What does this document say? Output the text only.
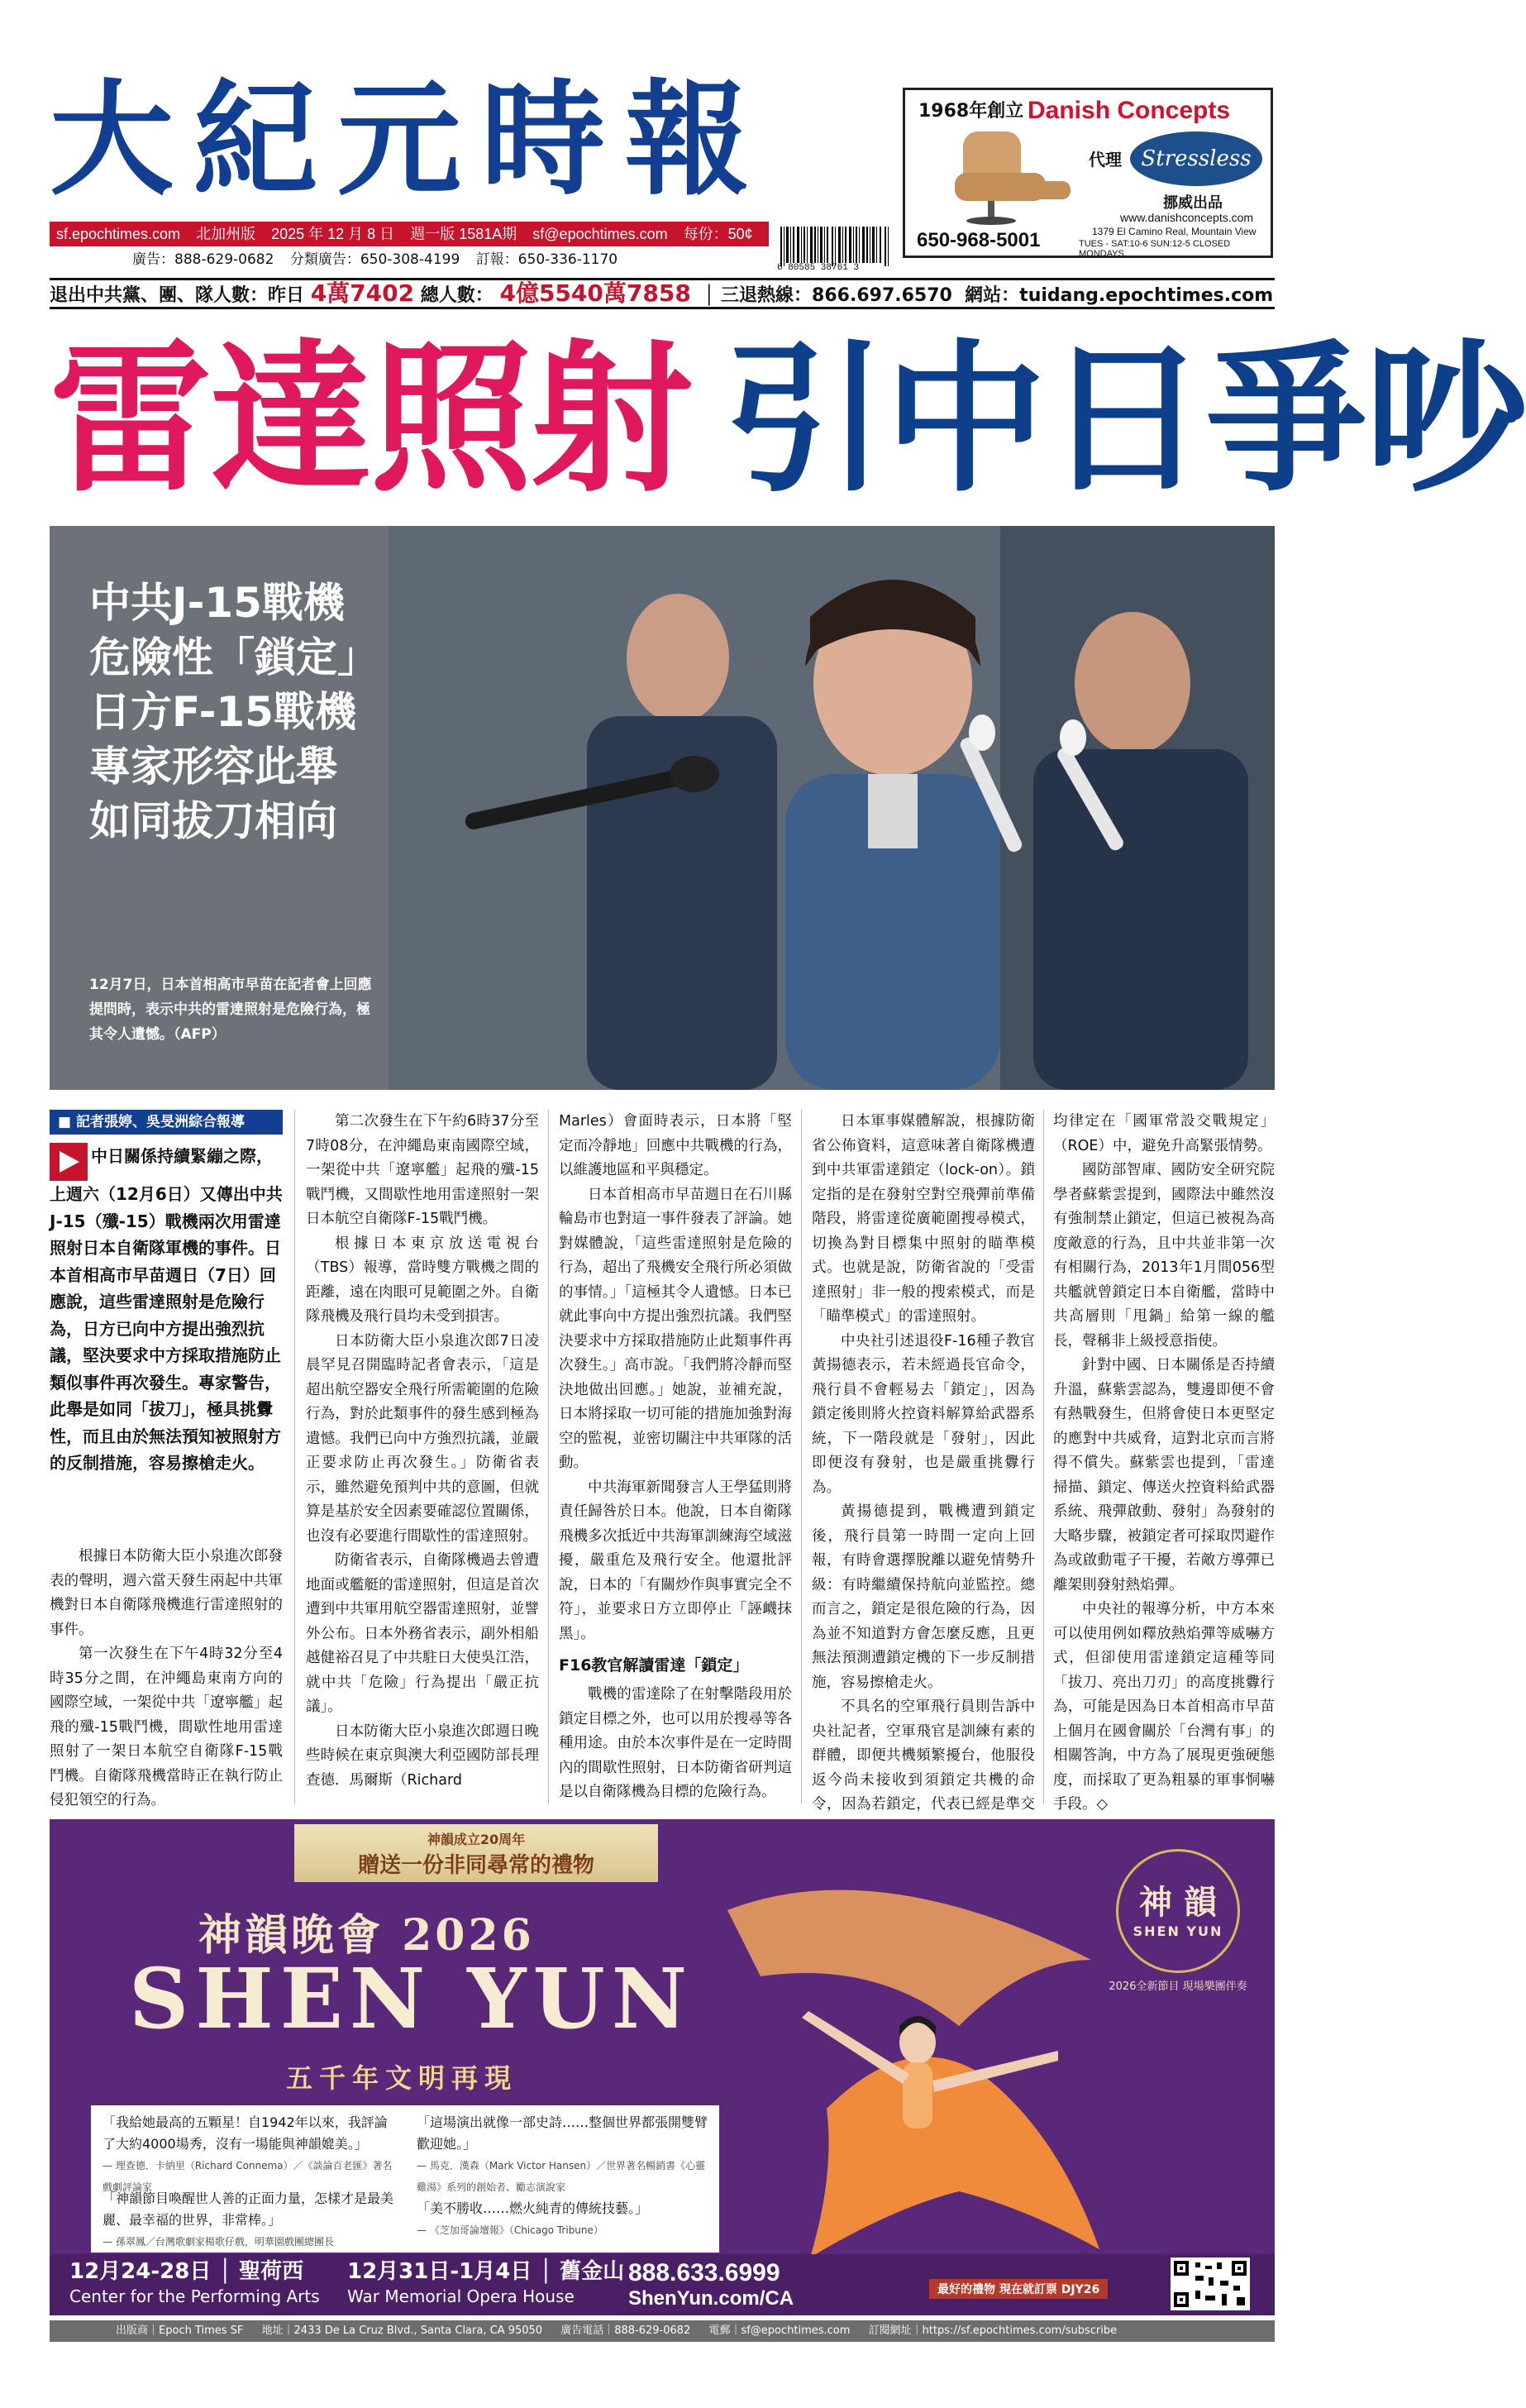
大紀元時報	1968年創立 Danish Concepts
代理 Stressless
挪威出品
www.danishconcepts.com
1379 El Camino Real, Mountain View
TUES - SAT:10-6 SUN:12-5 CLOSED MONDAYS
650-968-5001
sf.epochtimes.com 北加州版 2025 年 12 月 8 日 週一版 1581A期 sf@epochtimes.com 每份：50¢
廣告：888-629-0682 分類廣告：650-308-4199 訂報：650-336-1170	6 80585 38761 3
退出中共黨、團、隊人數：昨日 4萬7402 總人數： 4億5540萬7858  │ 三退熱線：866.697.6570 網站：tuidang.epochtimes.com
雷達照射 引中日爭吵
中共J-15戰機
危險性「鎖定」
日方F-15戰機
專家形容此舉
如同拔刀相向
12月7日，日本首相高市早苗在記者會上回應提問時，表示中共的雷達照射是危險行為，極其令人遺憾。（AFP）
■ 記者張婷、吳旻洲綜合報導
中日關係持續緊繃之際，上週六（12月6日）又傳出中共J-15（殲-15）戰機兩次用雷達照射日本自衛隊軍機的事件。日本首相高市早苗週日（7日）回應說，這些雷達照射是危險行為，日方已向中方提出強烈抗議，堅決要求中方採取措施防止類似事件再次發生。專家警告，此舉是如同「拔刀」，極具挑釁性，而且由於無法預知被照射方的反制措施，容易擦槍走火。

根據日本防衛大臣小泉進次郎發表的聲明，週六當天發生兩起中共軍機對日本自衛隊飛機進行雷達照射的事件。

第一次發生在下午4時32分至4時35分之間，在沖繩島東南方向的國際空域，一架從中共「遼寧艦」起飛的殲-15戰鬥機，間歇性地用雷達照射了一架日本航空自衛隊F-15戰鬥機。自衛隊飛機當時正在執行防止侵犯領空的行為。

第二次發生在下午約6時37分至7時08分，在沖繩島東南國際空域，一架從中共「遼寧艦」起飛的殲-15戰鬥機，又間歇性地用雷達照射一架日本航空自衛隊F-15戰鬥機。

根據日本東京放送電視台（TBS）報導，當時雙方戰機之間的距離，遠在肉眼可見範圍之外。自衛隊飛機及飛行員均未受到損害。

日本防衛大臣小泉進次郎7日凌晨罕見召開臨時記者會表示，「這是超出航空器安全飛行所需範圍的危險行為，對於此類事件的發生感到極為遺憾。我們已向中方強烈抗議，並嚴正要求防止再次發生。」防衛省表示，雖然避免預判中共的意圖，但就算是基於安全因素要確認位置關係，也沒有必要進行間歇性的雷達照射。

防衛省表示，自衛隊機過去曾遭地面或艦艇的雷達照射，但這是首次遭到中共軍用航空器雷達照射，並譬外公布。日本外務省表示，副外相船越健裕召見了中共駐日大使吳江浩，就中共「危險」行為提出「嚴正抗議」。

日本防衛大臣小泉進次郎週日晚些時候在東京與澳大利亞國防部長理查德．馬爾斯（Richard

Marles）會面時表示，日本將「堅定而冷靜地」回應中共戰機的行為，以維護地區和平與穩定。

日本首相高市早苗週日在石川縣輪島市也對這一事件發表了評論。她對媒體說，「這些雷達照射是危險的行為，超出了飛機安全飛行所必須做的事情。」「這極其令人遺憾。日本已就此事向中方提出強烈抗議。我們堅決要求中方採取措施防止此類事件再次發生。」高市說。「我們將冷靜而堅決地做出回應。」她說，並補充說，日本將採取一切可能的措施加強對海空的監視，並密切關注中共軍隊的活動。

中共海軍新聞發言人王學猛則將責任歸咎於日本。他說，日本自衛隊飛機多次抵近中共海軍訓練海空域滋擾，嚴重危及飛行安全。他還批評說，日本的「有關炒作與事實完全不符」，並要求日方立即停止「誣衊抹黑」。

F16教官解讀雷達「鎖定」

戰機的雷達除了在射擊階段用於鎖定目標之外，也可以用於搜尋等各種用途。由於本次事件是在一定時間內的間歇性照射，日本防衛省研判這是以自衛隊機為目標的危險行為。

日本軍事媒體解說，根據防衛省公佈資料，這意味著自衛隊機遭到中共軍雷達鎖定（lock-on）。鎖定指的是在發射空對空飛彈前準備階段，將雷達從廣範圍搜尋模式，切換為對目標集中照射的瞄準模式。也就是說，防衛省說的「受雷達照射」非一般的搜索模式，而是「瞄準模式」的雷達照射。

中央社引述退役F-16種子教官黃揚德表示，若未經過長官命令，飛行員不會輕易去「鎖定」，因為鎖定後則將火控資料解算給武器系統，下一階段就是「發射」，因此即便沒有發射，也是嚴重挑釁行為。

黃揚德提到，戰機遭到鎖定後，飛行員第一時間一定向上回報，有時會選擇脫離以避免情勢升級：有時繼續保持航向並監控。總而言之，鎖定是很危險的行為，因為並不知道對方會怎麼反應，且更無法預測遭鎖定機的下一步反制措施，容易擦槍走火。

不具名的空軍飛行員則告訴中央社記者，空軍飛官是訓練有素的群體，即便共機頻繁擾台，他服役返今尚未接收到須鎖定共機的命令，因為若鎖定，代表已經是準交

均律定在「國軍常設交戰規定」（ROE）中，避免升高緊張情勢。

國防部智庫、國防安全研究院學者蘇紫雲提到，國際法中雖然沒有強制禁止鎖定，但這已被視為高度敵意的行為，且中共並非第一次有相關行為，2013年1月間056型共艦就曾鎖定日本自衛艦，當時中共高層則「甩鍋」給第一線的艦長，聲稱非上級授意指使。

針對中國、日本關係是否持續升溫，蘇紫雲認為，雙邊即便不會有熱戰發生，但將會使日本更堅定的應對中共威脅，這對北京而言將得不償失。蘇紫雲也提到，「雷達掃描、鎖定、傳送火控資料給武器系統、飛彈啟動、發射」為發射的大略步驟，被鎖定者可採取閃避作為或啟動電子干擾，若敵方導彈已離架則發射熱焰彈。

中央社的報導分析，中方本來可以使用例如釋放熱焰彈等威嚇方式，但卻使用雷達鎖定這種等同「拔刀、亮出刀刃」的高度挑釁行為，可能是因為日本首相高市早苗上個月在國會關於「台灣有事」的相關答詢，中方為了展現更強硬態度，而採取了更為粗暴的軍事恫嚇手段。◇

神韻成立20周年
贈送一份非同尋常的禮物
神韻晚會 2026
SHEN YUN
五千年文明再現
神 韻
SHEN YUN
2026全新節目 現場樂團伴奏
「我給她最高的五顆星！自1942年以來，我評論了大約4000場秀，沒有一場能與神韻媲美。」
— 理查德．卡納里（Richard Connema）／《談論百老匯》著名戲劇評論家
「神韻節目喚醒世人善的正面力量，怎樣才是最美麗、最幸福的世界，非常棒。」
— 孫翠鳳／台灣歌劇家楊歌仔戲，明華園戲團總團長
「這場演出就像一部史詩……整個世界都張開雙臂歡迎她。」
— 馬克．漢森（Mark Victor Hansen）／世界著名暢銷書《心靈雞湯》系列的創始者、勵志演說家
「美不勝收……燃火純青的傳統技藝。」
— 《芝加哥論壇報》（Chicago Tribune）
12月24-28日 │ 聖荷西
Center for the Performing Arts
12月31日-1月4日 │ 舊金山
War Memorial Opera House
888.633.6999
ShenYun.com/CA	最好的禮物 現在就訂票 DJY26
出版商｜Epoch Times SF 地址｜2433 De La Cruz Blvd., Santa Clara, CA 95050 廣告電話｜888-629-0682 電郵｜sf@epochtimes.com 訂閱網址｜https://sf.epochtimes.com/subscribe
